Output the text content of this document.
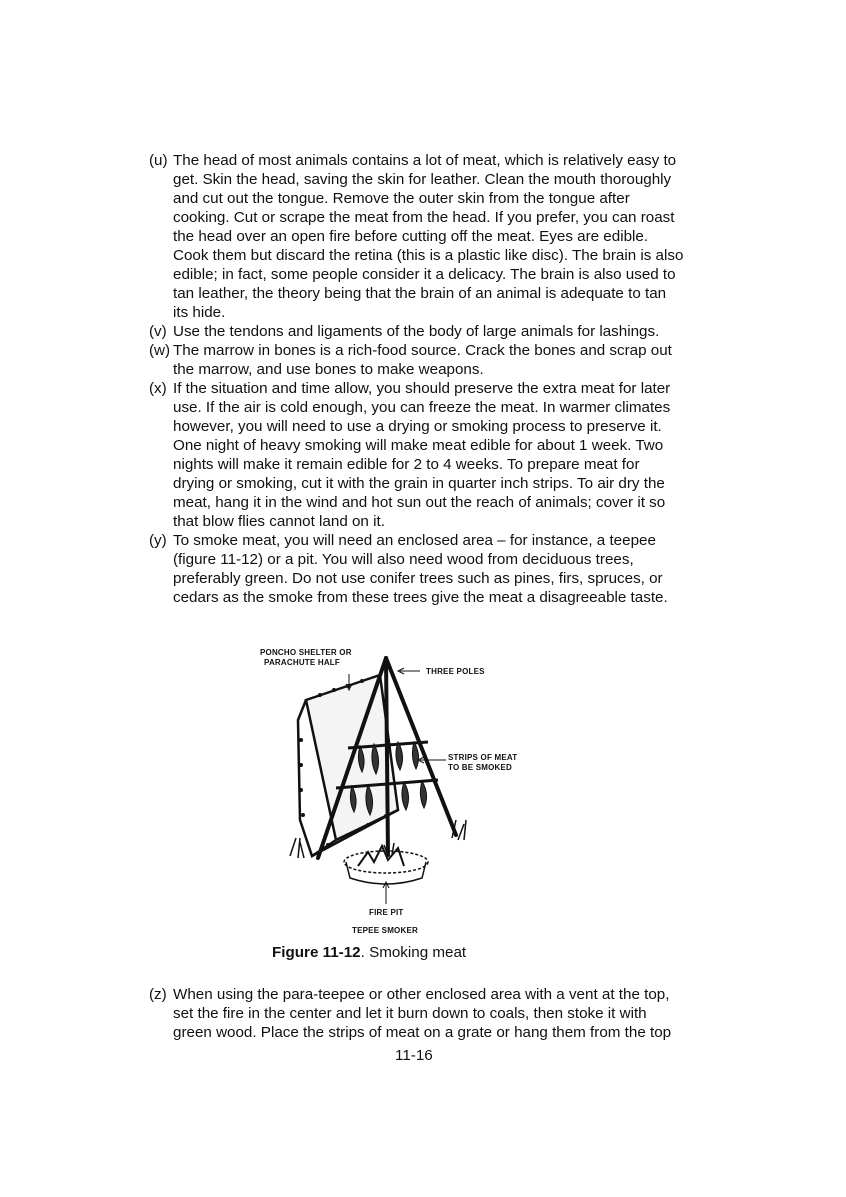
(u) The head of most animals contains a lot of meat, which is relatively easy to
get. Skin the head, saving the skin for leather. Clean the mouth thoroughly
and cut out the tongue. Remove the outer skin from the tongue after
cooking. Cut or scrape the meat from the head. If you prefer, you can roast
the head over an open fire before cutting off the meat. Eyes are edible.
Cook them but discard the retina (this is a plastic like disc). The brain is also
edible; in fact, some people consider it a delicacy. The brain is also used to
tan leather, the theory being that the brain of an animal is adequate to tan
its hide.
(v) Use the tendons and ligaments of the body of large animals for lashings.
(w) The marrow in bones is a rich-food source. Crack the bones and scrap out
the marrow, and use bones to make weapons.
(x) If the situation and time allow, you should preserve the extra meat for later
use. If the air is cold enough, you can freeze the meat. In warmer climates
however, you will need to use a drying or smoking process to preserve it.
One night of heavy smoking will make meat edible for about 1 week. Two
nights will make it remain edible for 2 to 4 weeks. To prepare meat for
drying or smoking, cut it with the grain in quarter inch strips. To air dry the
meat, hang it in the wind and hot sun out the reach of animals; cover it so
that blow flies cannot land on it.
(y) To smoke meat, you will need an enclosed area – for instance, a teepee
(figure 11-12) or a pit. You will also need wood from deciduous trees,
preferably green. Do not use conifer trees such as pines, firs, spruces, or
cedars as the smoke from these trees give the meat a disagreeable taste.
PONCHO SHELTER OR
PARACHUTE HALF
THREE POLES
STRIPS OF MEAT
TO BE SMOKED
FIRE PIT
TEPEE SMOKER
Figure 11-12. Smoking meat
(z) When using the para-teepee or other enclosed area with a vent at the top,
set the fire in the center and let it burn down to coals, then stoke it with
green wood. Place the strips of meat on a grate or hang them from the top
11-16
